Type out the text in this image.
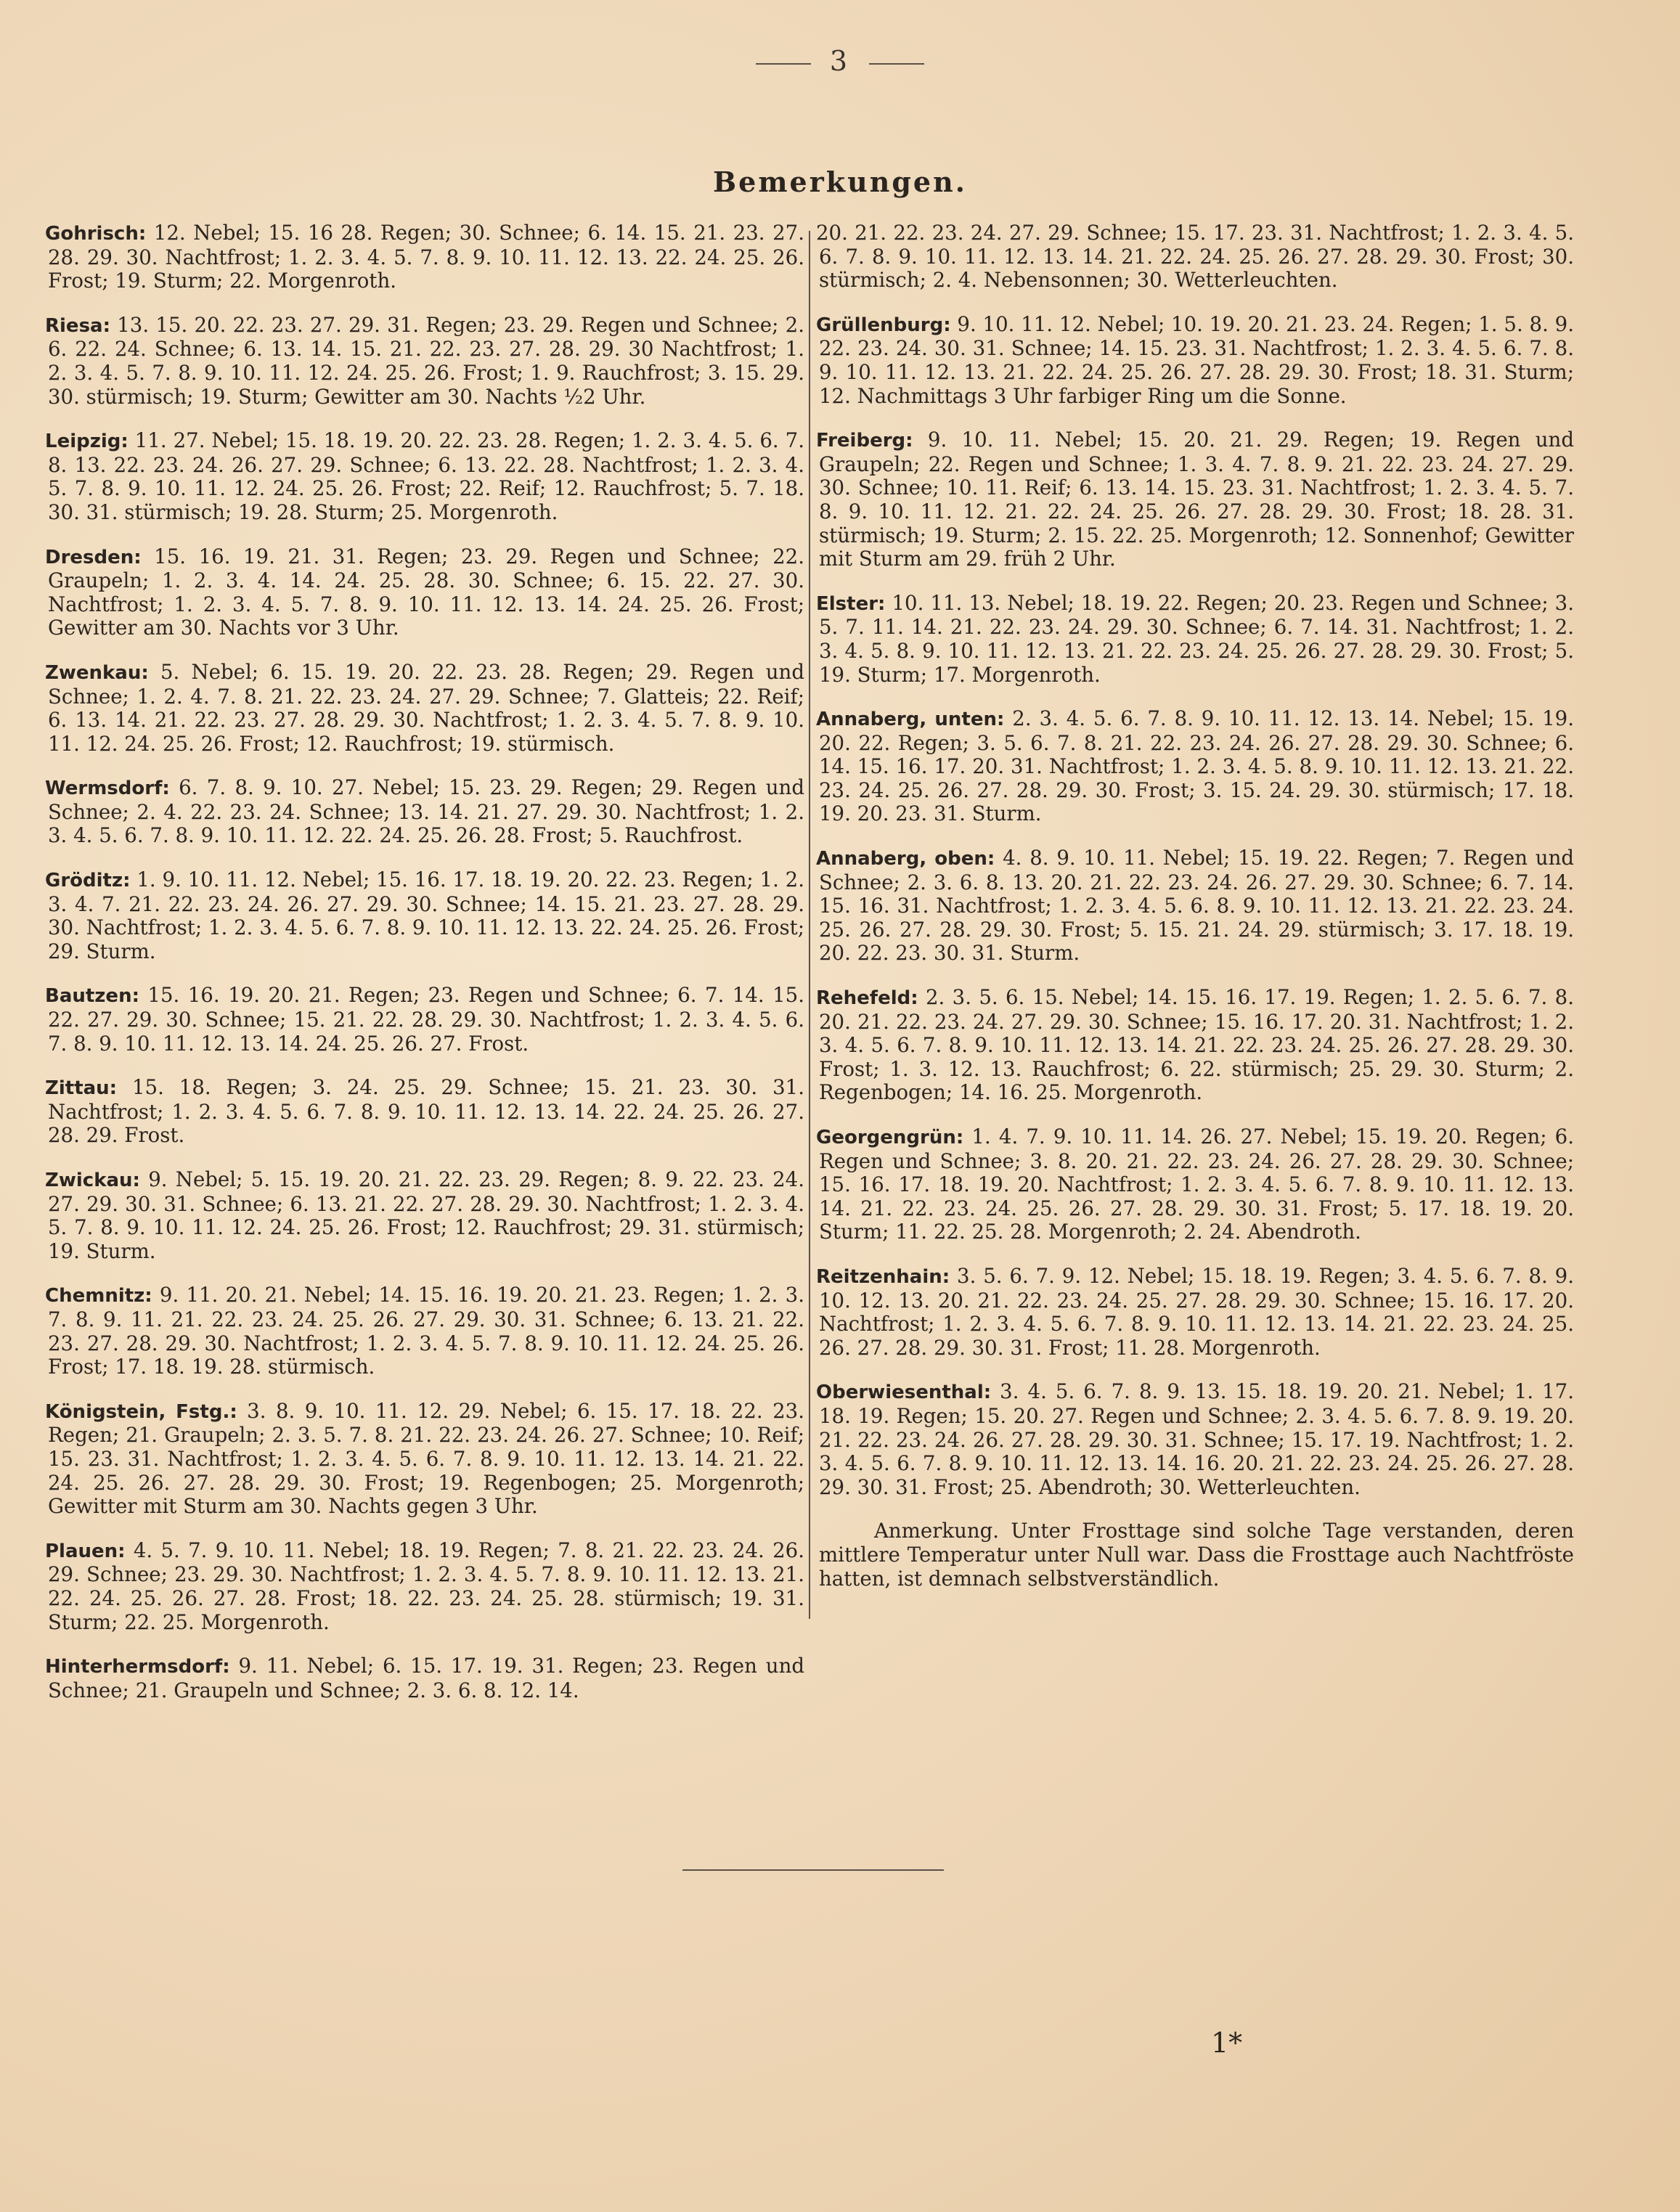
3
Bemerkungen.

Gohrisch: 12. Nebel; 15. 16 28. Regen; 30. Schnee; 6. 14. 15. 21. 23. 27. 28. 29. 30. Nachtfrost; 1. 2. 3. 4. 5. 7. 8. 9. 10. 11. 12. 13. 22. 24. 25. 26. Frost; 19. Sturm; 22. Morgenroth.

Riesa: 13. 15. 20. 22. 23. 27. 29. 31. Regen; 23. 29. Regen und Schnee; 2. 6. 22. 24. Schnee; 6. 13. 14. 15. 21. 22. 23. 27. 28. 29. 30 Nachtfrost; 1. 2. 3. 4. 5. 7. 8. 9. 10. 11. 12. 24. 25. 26. Frost; 1. 9. Rauchfrost; 3. 15. 29. 30. stürmisch; 19. Sturm; Gewitter am 30. Nachts ½2 Uhr.

Leipzig: 11. 27. Nebel; 15. 18. 19. 20. 22. 23. 28. Regen; 1. 2. 3. 4. 5. 6. 7. 8. 13. 22. 23. 24. 26. 27. 29. Schnee; 6. 13. 22. 28. Nachtfrost; 1. 2. 3. 4. 5. 7. 8. 9. 10. 11. 12. 24. 25. 26. Frost; 22. Reif; 12. Rauchfrost; 5. 7. 18. 30. 31. stürmisch; 19. 28. Sturm; 25. Morgenroth.

Dresden: 15. 16. 19. 21. 31. Regen; 23. 29. Regen und Schnee; 22. Graupeln; 1. 2. 3. 4. 14. 24. 25. 28. 30. Schnee; 6. 15. 22. 27. 30. Nachtfrost; 1. 2. 3. 4. 5. 7. 8. 9. 10. 11. 12. 13. 14. 24. 25. 26. Frost; Gewitter am 30. Nachts vor 3 Uhr.

Zwenkau: 5. Nebel; 6. 15. 19. 20. 22. 23. 28. Regen; 29. Regen und Schnee; 1. 2. 4. 7. 8. 21. 22. 23. 24. 27. 29. Schnee; 7. Glatteis; 22. Reif; 6. 13. 14. 21. 22. 23. 27. 28. 29. 30. Nachtfrost; 1. 2. 3. 4. 5. 7. 8. 9. 10. 11. 12. 24. 25. 26. Frost; 12. Rauchfrost; 19. stürmisch.

Wermsdorf: 6. 7. 8. 9. 10. 27. Nebel; 15. 23. 29. Regen; 29. Regen und Schnee; 2. 4. 22. 23. 24. Schnee; 13. 14. 21. 27. 29. 30. Nachtfrost; 1. 2. 3. 4. 5. 6. 7. 8. 9. 10. 11. 12. 22. 24. 25. 26. 28. Frost; 5. Rauchfrost.

Gröditz: 1. 9. 10. 11. 12. Nebel; 15. 16. 17. 18. 19. 20. 22. 23. Regen; 1. 2. 3. 4. 7. 21. 22. 23. 24. 26. 27. 29. 30. Schnee; 14. 15. 21. 23. 27. 28. 29. 30. Nachtfrost; 1. 2. 3. 4. 5. 6. 7. 8. 9. 10. 11. 12. 13. 22. 24. 25. 26. Frost; 29. Sturm.

Bautzen: 15. 16. 19. 20. 21. Regen; 23. Regen und Schnee; 6. 7. 14. 15. 22. 27. 29. 30. Schnee; 15. 21. 22. 28. 29. 30. Nachtfrost; 1. 2. 3. 4. 5. 6. 7. 8. 9. 10. 11. 12. 13. 14. 24. 25. 26. 27. Frost.

Zittau: 15. 18. Regen; 3. 24. 25. 29. Schnee; 15. 21. 23. 30. 31. Nachtfrost; 1. 2. 3. 4. 5. 6. 7. 8. 9. 10. 11. 12. 13. 14. 22. 24. 25. 26. 27. 28. 29. Frost.

Zwickau: 9. Nebel; 5. 15. 19. 20. 21. 22. 23. 29. Regen; 8. 9. 22. 23. 24. 27. 29. 30. 31. Schnee; 6. 13. 21. 22. 27. 28. 29. 30. Nachtfrost; 1. 2. 3. 4. 5. 7. 8. 9. 10. 11. 12. 24. 25. 26. Frost; 12. Rauchfrost; 29. 31. stürmisch; 19. Sturm.

Chemnitz: 9. 11. 20. 21. Nebel; 14. 15. 16. 19. 20. 21. 23. Regen; 1. 2. 3. 7. 8. 9. 11. 21. 22. 23. 24. 25. 26. 27. 29. 30. 31. Schnee; 6. 13. 21. 22. 23. 27. 28. 29. 30. Nachtfrost; 1. 2. 3. 4. 5. 7. 8. 9. 10. 11. 12. 24. 25. 26. Frost; 17. 18. 19. 28. stürmisch.

Königstein, Fstg.: 3. 8. 9. 10. 11. 12. 29. Nebel; 6. 15. 17. 18. 22. 23. Regen; 21. Graupeln; 2. 3. 5. 7. 8. 21. 22. 23. 24. 26. 27. Schnee; 10. Reif; 15. 23. 31. Nachtfrost; 1. 2. 3. 4. 5. 6. 7. 8. 9. 10. 11. 12. 13. 14. 21. 22. 24. 25. 26. 27. 28. 29. 30. Frost; 19. Regenbogen; 25. Morgenroth; Gewitter mit Sturm am 30. Nachts gegen 3 Uhr.

Plauen: 4. 5. 7. 9. 10. 11. Nebel; 18. 19. Regen; 7. 8. 21. 22. 23. 24. 26. 29. Schnee; 23. 29. 30. Nachtfrost; 1. 2. 3. 4. 5. 7. 8. 9. 10. 11. 12. 13. 21. 22. 24. 25. 26. 27. 28. Frost; 18. 22. 23. 24. 25. 28. stürmisch; 19. 31. Sturm; 22. 25. Morgenroth.

Hinterhermsdorf: 9. 11. Nebel; 6. 15. 17. 19. 31. Regen; 23. Regen und Schnee; 21. Graupeln und Schnee; 2. 3. 6. 8. 12. 14.

20. 21. 22. 23. 24. 27. 29. Schnee; 15. 17. 23. 31. Nachtfrost; 1. 2. 3. 4. 5. 6. 7. 8. 9. 10. 11. 12. 13. 14. 21. 22. 24. 25. 26. 27. 28. 29. 30. Frost; 30. stürmisch; 2. 4. Nebensonnen; 30. Wetterleuchten.

Grüllenburg: 9. 10. 11. 12. Nebel; 10. 19. 20. 21. 23. 24. Regen; 1. 5. 8. 9. 22. 23. 24. 30. 31. Schnee; 14. 15. 23. 31. Nachtfrost; 1. 2. 3. 4. 5. 6. 7. 8. 9. 10. 11. 12. 13. 21. 22. 24. 25. 26. 27. 28. 29. 30. Frost; 18. 31. Sturm; 12. Nachmittags 3 Uhr farbiger Ring um die Sonne.

Freiberg: 9. 10. 11. Nebel; 15. 20. 21. 29. Regen; 19. Regen und Graupeln; 22. Regen und Schnee; 1. 3. 4. 7. 8. 9. 21. 22. 23. 24. 27. 29. 30. Schnee; 10. 11. Reif; 6. 13. 14. 15. 23. 31. Nachtfrost; 1. 2. 3. 4. 5. 7. 8. 9. 10. 11. 12. 21. 22. 24. 25. 26. 27. 28. 29. 30. Frost; 18. 28. 31. stürmisch; 19. Sturm; 2. 15. 22. 25. Morgenroth; 12. Sonnenhof; Gewitter mit Sturm am 29. früh 2 Uhr.

Elster: 10. 11. 13. Nebel; 18. 19. 22. Regen; 20. 23. Regen und Schnee; 3. 5. 7. 11. 14. 21. 22. 23. 24. 29. 30. Schnee; 6. 7. 14. 31. Nachtfrost; 1. 2. 3. 4. 5. 8. 9. 10. 11. 12. 13. 21. 22. 23. 24. 25. 26. 27. 28. 29. 30. Frost; 5. 19. Sturm; 17. Morgenroth.

Annaberg, unten: 2. 3. 4. 5. 6. 7. 8. 9. 10. 11. 12. 13. 14. Nebel; 15. 19. 20. 22. Regen; 3. 5. 6. 7. 8. 21. 22. 23. 24. 26. 27. 28. 29. 30. Schnee; 6. 14. 15. 16. 17. 20. 31. Nachtfrost; 1. 2. 3. 4. 5. 8. 9. 10. 11. 12. 13. 21. 22. 23. 24. 25. 26. 27. 28. 29. 30. Frost; 3. 15. 24. 29. 30. stürmisch; 17. 18. 19. 20. 23. 31. Sturm.

Annaberg, oben: 4. 8. 9. 10. 11. Nebel; 15. 19. 22. Regen; 7. Regen und Schnee; 2. 3. 6. 8. 13. 20. 21. 22. 23. 24. 26. 27. 29. 30. Schnee; 6. 7. 14. 15. 16. 31. Nachtfrost; 1. 2. 3. 4. 5. 6. 8. 9. 10. 11. 12. 13. 21. 22. 23. 24. 25. 26. 27. 28. 29. 30. Frost; 5. 15. 21. 24. 29. stürmisch; 3. 17. 18. 19. 20. 22. 23. 30. 31. Sturm.

Rehefeld: 2. 3. 5. 6. 15. Nebel; 14. 15. 16. 17. 19. Regen; 1. 2. 5. 6. 7. 8. 20. 21. 22. 23. 24. 27. 29. 30. Schnee; 15. 16. 17. 20. 31. Nachtfrost; 1. 2. 3. 4. 5. 6. 7. 8. 9. 10. 11. 12. 13. 14. 21. 22. 23. 24. 25. 26. 27. 28. 29. 30. Frost; 1. 3. 12. 13. Rauchfrost; 6. 22. stürmisch; 25. 29. 30. Sturm; 2. Regenbogen; 14. 16. 25. Morgenroth.

Georgengrün: 1. 4. 7. 9. 10. 11. 14. 26. 27. Nebel; 15. 19. 20. Regen; 6. Regen und Schnee; 3. 8. 20. 21. 22. 23. 24. 26. 27. 28. 29. 30. Schnee; 15. 16. 17. 18. 19. 20. Nachtfrost; 1. 2. 3. 4. 5. 6. 7. 8. 9. 10. 11. 12. 13. 14. 21. 22. 23. 24. 25. 26. 27. 28. 29. 30. 31. Frost; 5. 17. 18. 19. 20. Sturm; 11. 22. 25. 28. Morgenroth; 2. 24. Abendroth.

Reitzenhain: 3. 5. 6. 7. 9. 12. Nebel; 15. 18. 19. Regen; 3. 4. 5. 6. 7. 8. 9. 10. 12. 13. 20. 21. 22. 23. 24. 25. 27. 28. 29. 30. Schnee; 15. 16. 17. 20. Nachtfrost; 1. 2. 3. 4. 5. 6. 7. 8. 9. 10. 11. 12. 13. 14. 21. 22. 23. 24. 25. 26. 27. 28. 29. 30. 31. Frost; 11. 28. Morgenroth.

Oberwiesenthal: 3. 4. 5. 6. 7. 8. 9. 13. 15. 18. 19. 20. 21. Nebel; 1. 17. 18. 19. Regen; 15. 20. 27. Regen und Schnee; 2. 3. 4. 5. 6. 7. 8. 9. 19. 20. 21. 22. 23. 24. 26. 27. 28. 29. 30. 31. Schnee; 15. 17. 19. Nachtfrost; 1. 2. 3. 4. 5. 6. 7. 8. 9. 10. 11. 12. 13. 14. 16. 20. 21. 22. 23. 24. 25. 26. 27. 28. 29. 30. 31. Frost; 25. Abendroth; 30. Wetterleuchten.

Anmerkung. Unter Frosttage sind solche Tage verstanden, deren mittlere Temperatur unter Null war. Dass die Frosttage auch Nachtfröste hatten, ist demnach selbstverständlich.

1*
